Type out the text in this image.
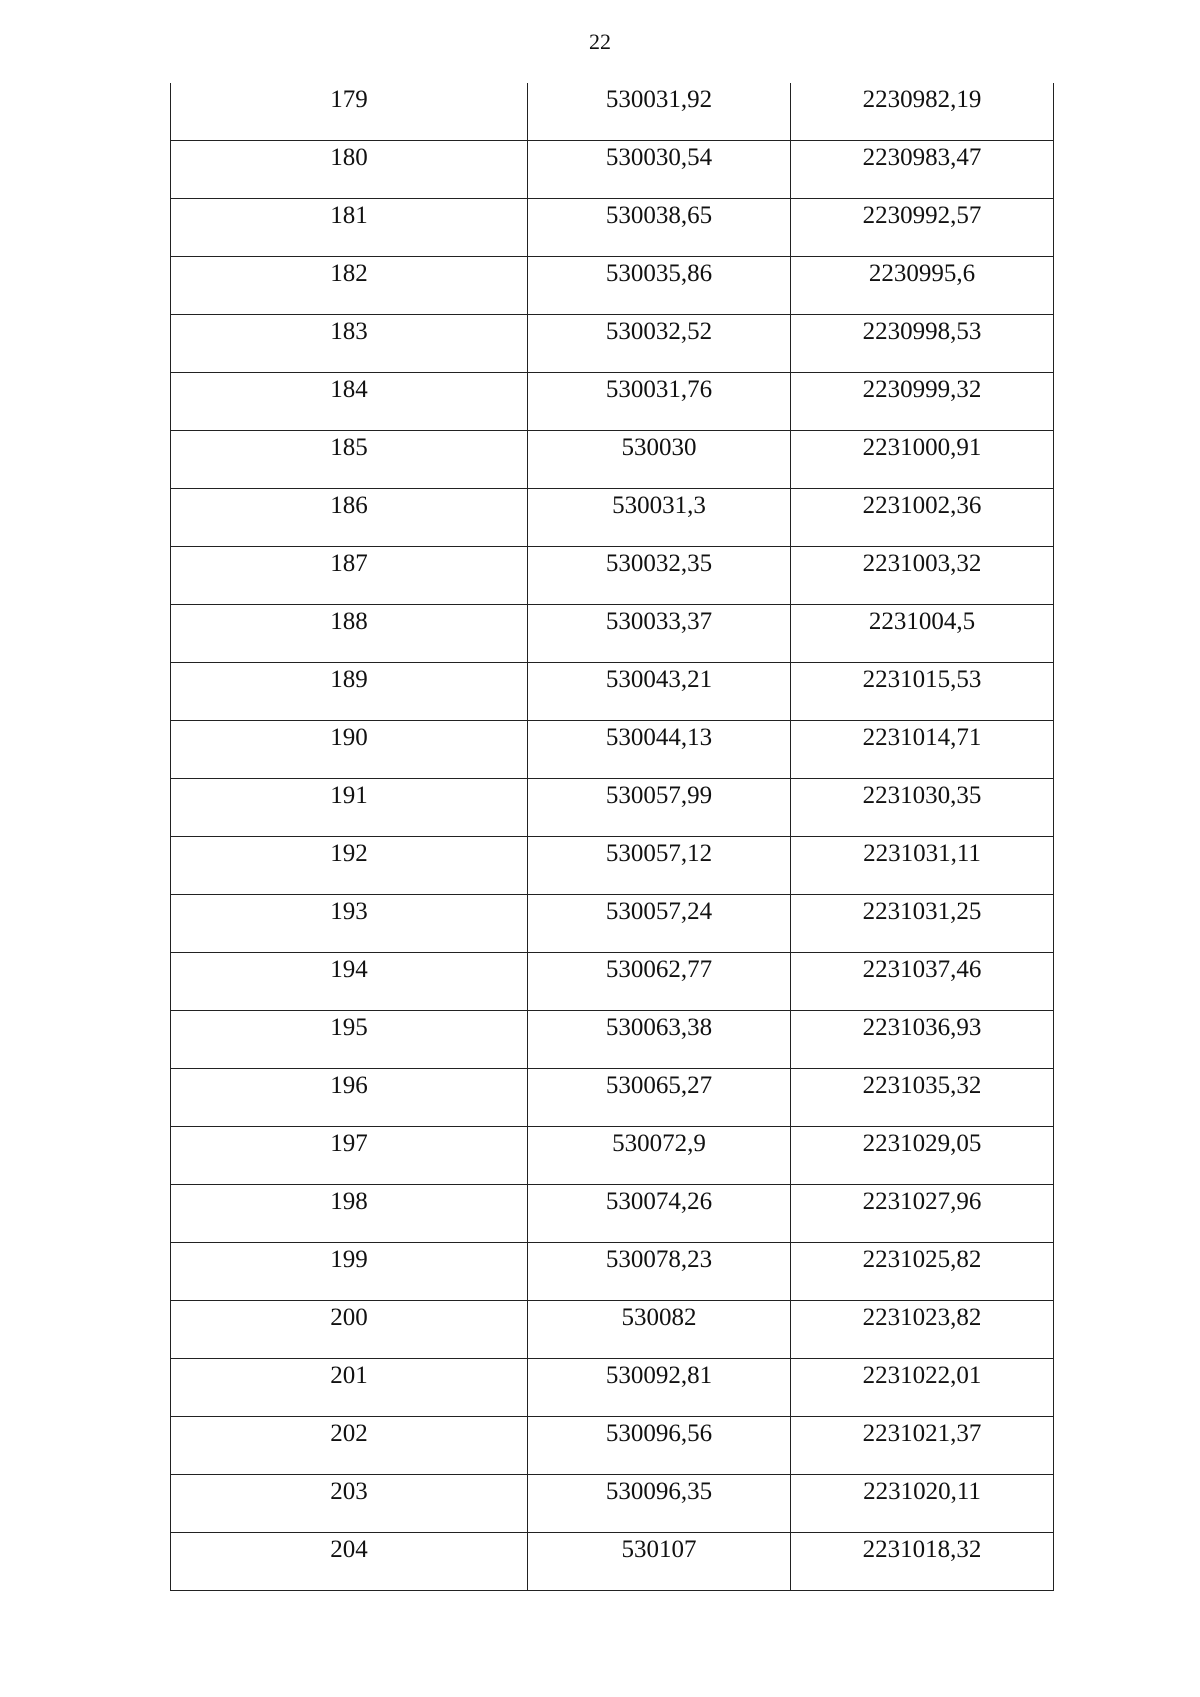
22
179	530031,92	2230982,19
180	530030,54	2230983,47
181	530038,65	2230992,57
182	530035,86	2230995,6
183	530032,52	2230998,53
184	530031,76	2230999,32
185	530030	2231000,91
186	530031,3	2231002,36
187	530032,35	2231003,32
188	530033,37	2231004,5
189	530043,21	2231015,53
190	530044,13	2231014,71
191	530057,99	2231030,35
192	530057,12	2231031,11
193	530057,24	2231031,25
194	530062,77	2231037,46
195	530063,38	2231036,93
196	530065,27	2231035,32
197	530072,9	2231029,05
198	530074,26	2231027,96
199	530078,23	2231025,82
200	530082	2231023,82
201	530092,81	2231022,01
202	530096,56	2231021,37
203	530096,35	2231020,11
204	530107	2231018,32
